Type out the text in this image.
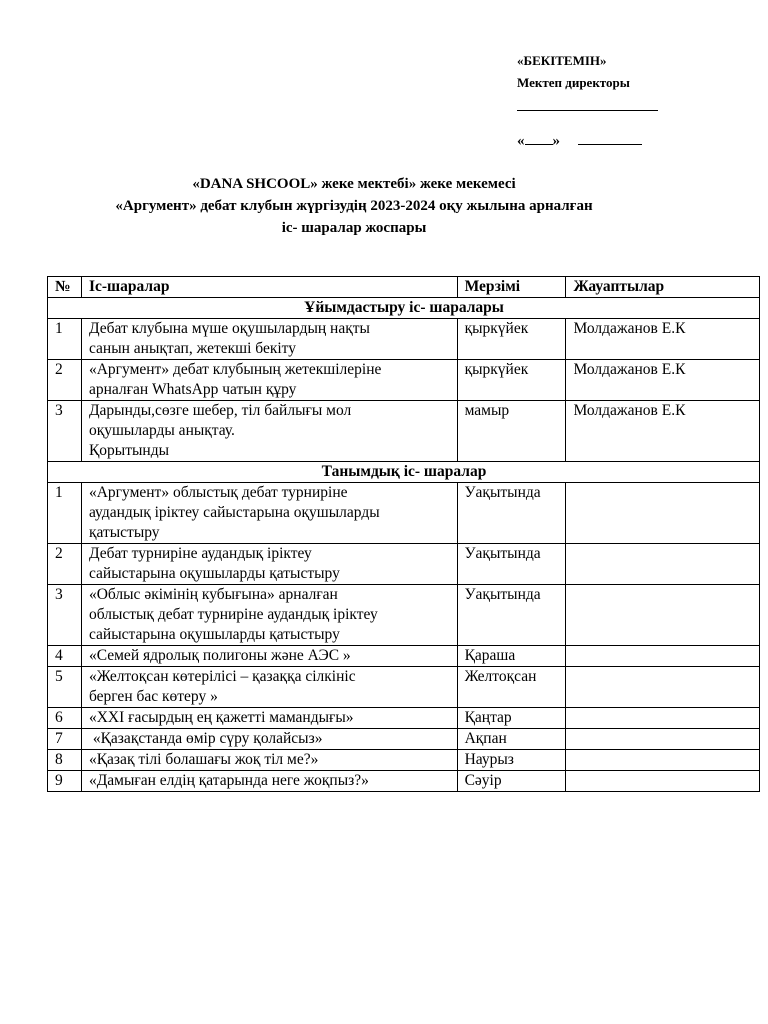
«БЕКІТЕМІН»
Мектеп директоры
« »
«DANA SHCOOL» жеке мектебі» жеке мекемесі
«Аргумент» дебат клубын жүргізудің 2023-2024 оқу жылына арналған
іс- шаралар жоспары
№	Іс-шаралар	Мерзімі	Жауаптылар
Ұйымдастыру іс- шаралары			
1	Дебат клубына мүше оқушылардың нақты
санын анықтап, жетекші бекіту	қыркүйек	Молдажанов Е.К
2	«Аргумент» дебат клубының жетекшілеріне
арналған WhatsApp чатын құру	қыркүйек	Молдажанов Е.К
3	Дарынды,сөзге шебер, тіл байлығы мол
оқушыларды анықтау.
Қорытынды	мамыр	Молдажанов Е.К
Танымдық іс- шаралар			
1	«Аргумент» облыстық дебат турниріне
аудандық іріктеу сайыстарына оқушыларды
қатыстыру	Уақытында	
2	Дебат турниріне аудандық іріктеу
сайыстарына оқушыларды қатыстыру	Уақытында	
3	«Облыс әкімінің кубығына» арналған
облыстық дебат турниріне аудандық іріктеу
сайыстарына оқушыларды қатыстыру	Уақытында	
4	«Семей ядролық полигоны және АЭС »	Қараша	
5	«Желтоқсан көтерілісі – қазаққа сілкініс
берген бас көтеру »	Желтоқсан	
6	«ХХІ ғасырдың ең қажетті мамандығы»	Қаңтар	
7	«Қазақстанда өмір сүру қолайсыз»	Ақпан	
8	«Қазақ тілі болашағы жоқ тіл ме?»	Наурыз	
9	«Дамыған елдің қатарында неге жоқпыз?»	Сәуір	
